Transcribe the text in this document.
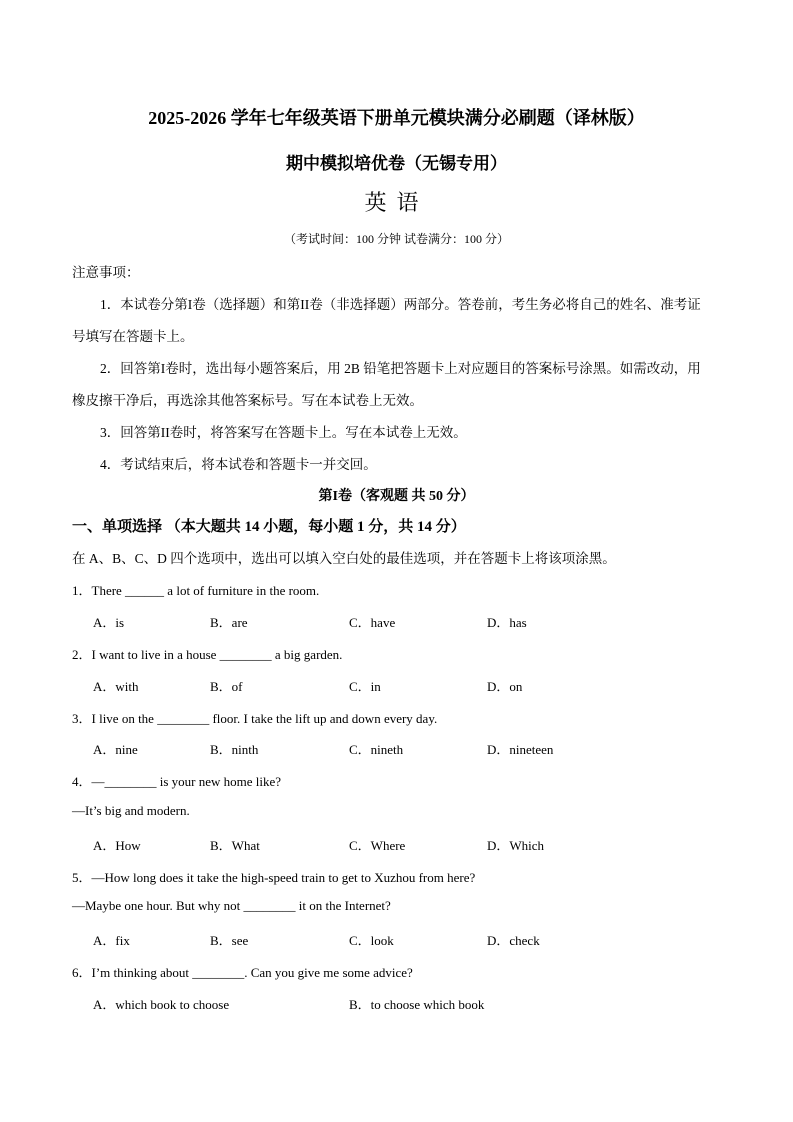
2025-2026 学年七年级英语下册单元模块满分必刷题（译林版）
期中模拟培优卷（无锡专用）
英语
（考试时间：100 分钟 试卷满分：100 分）
注意事项：
1．本试卷分第I卷（选择题）和第II卷（非选择题）两部分。答卷前，考生务必将自己的姓名、准考证
号填写在答题卡上。
2．回答第I卷时，选出每小题答案后，用 2B 铅笔把答题卡上对应题目的答案标号涂黑。如需改动，用
橡皮擦干净后，再选涂其他答案标号。写在本试卷上无效。
3．回答第II卷时，将答案写在答题卡上。写在本试卷上无效。
4．考试结束后，将本试卷和答题卡一并交回。
第I卷（客观题 共 50 分）
一、单项选择 （本大题共 14 小题，每小题 1 分，共 14 分）
在 A、B、C、D 四个选项中，选出可以填入空白处的最佳选项，并在答题卡上将该项涂黑。
1．There ______ a lot of furniture in the room.
A．is	B．are	C．have	D．has
2．I want to live in a house ________ a big garden.
A．with	B．of	C．in	D．on
3．I live on the ________ floor. I take the lift up and down every day.
A．nine	B．ninth	C．nineth	D．nineteen
4．—________ is your new home like?
—It’s big and modern.
A．How	B．What	C．Where	D．Which
5．—How long does it take the high-speed train to get to Xuzhou from here?
—Maybe one hour. But why not ________ it on the Internet?
A．fix	B．see	C．look	D．check
6．I’m thinking about ________. Can you give me some advice?
A．which book to choose	B．to choose which book
